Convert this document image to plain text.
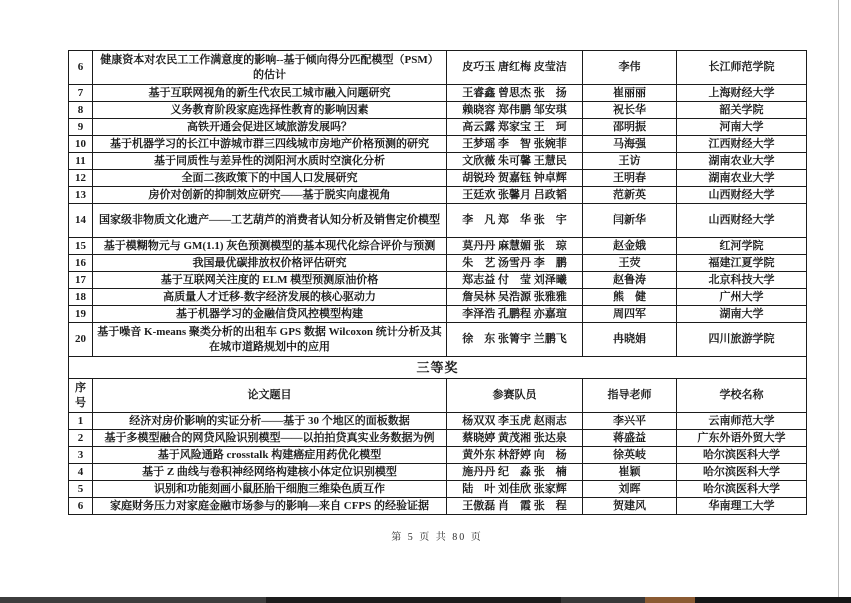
6	健康资本对农民工工作满意度的影响--基于倾向得分匹配模型（PSM）的估计	皮巧玉 唐红梅 皮莹洁	李伟	长江师范学院
7	基于互联网视角的新生代农民工城市融入问题研究	王睿鑫 曾思杰 张　扬	崔丽丽	上海财经大学
8	义务教育阶段家庭选择性教育的影响因素	赖晓容 郑伟鹏 邹安琪	祝长华	韶关学院
9	高铁开通会促进区域旅游发展吗？	高云露 郑家宝 王　珂	邵明振	河南大学
10	基于机器学习的长江中游城市群三四线城市房地产价格预测的研究	王梦瑶 李　智 张婉菲	马海强	江西财经大学
11	基于同质性与差异性的浏阳河水质时空演化分析	文欣薇 朱可馨 王慧民	王访	湖南农业大学
12	全面二孩政策下的中国人口发展研究	胡锐玲 贺嘉钰 钟卓辉	王明春	湖南农业大学
13	房价对创新的抑制效应研究——基于脱实向虚视角	王廷欢 张馨月 吕政韬	范新英	山西财经大学
14	国家级非物质文化遗产——工艺葫芦的消费者认知分析及销售定价模型	李　凡 郑　华 张　宇	闫新华	山西财经大学
15	基于模糊物元与 GM(1.1) 灰色预测模型的基本现代化综合评价与预测	莫丹丹 麻慧媚 张　琼	赵金娥	红河学院
16	我国最优碳排放权价格评估研究	朱　艺 汤雪丹 李　鹏	王荧	福建江夏学院
17	基于互联网关注度的 ELM 模型预测原油价格	郑志益 付　莹 刘泽曦	赵鲁涛	北京科技大学
18	高质量人才迁移-数字经济发展的核心驱动力	詹吴林 吴浩源 张雅雅	熊　健	广州大学
19	基于机器学习的金融信贷风控模型构建	李泽浩 孔鹏程 亦嘉瑄	周四军	湖南大学
20	基于噪音 K-means 聚类分析的出租车 GPS 数据 Wilcoxon 统计分析及其在城市道路规划中的应用	徐　东 张箐宇 兰鹏飞	冉晓娟	四川旅游学院
三等奖				
序号	论文题目	参赛队员	指导老师	学校名称
1	经济对房价影响的实证分析——基于 30 个地区的面板数据	杨双双 李玉虎 赵雨志	李兴平	云南师范大学
2	基于多模型融合的网贷风险识别模型——以拍拍贷真实业务数据为例	蔡晓婷 黄茂湘 张达泉	蒋盛益	广东外语外贸大学
3	基于风险通路 crosstalk 构建癌症用药优化模型	黄外东 林舒婷 向　杨	徐英岐	哈尔滨医科大学
4	基于 Z 曲线与卷积神经网络构建核小体定位识别模型	施丹丹 纪　淼 张　楠	崔颖	哈尔滨医科大学
5	识别和功能刻画小鼠胚胎干细胞三维染色质互作	陆　叶 刘佳欣 张家辉	刘晖	哈尔滨医科大学
6	家庭财务压力对家庭金融市场参与的影响—来自 CFPS 的经验证据	王傲磊 肖　霞 张　程	贺建风	华南理工大学
第 5 页 共 80 页
